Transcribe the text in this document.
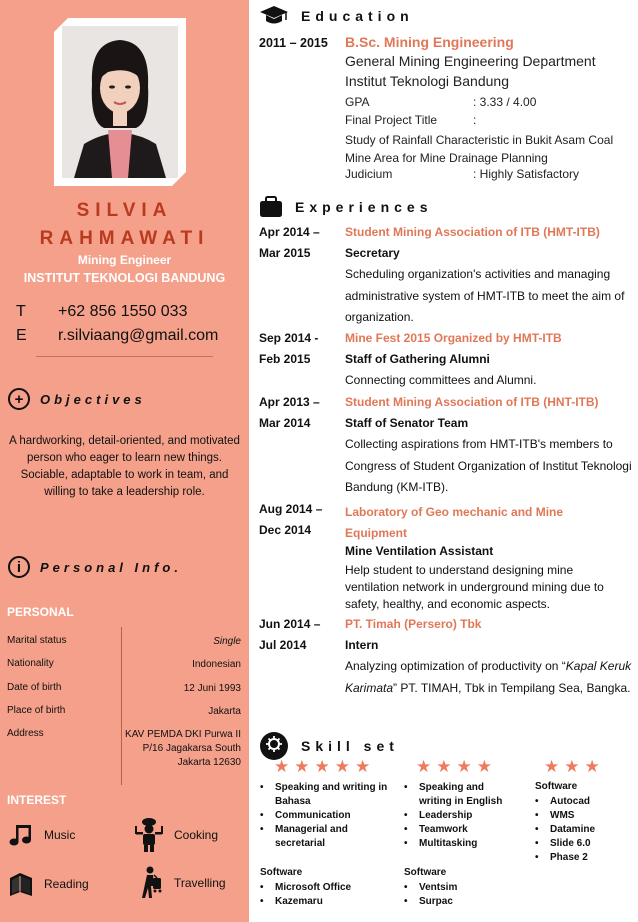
SILVIA
RAHMAWATI
Mining Engineer
INSTITUT TEKNOLOGI BANDUNG
T +62 856 1550 033
E r.silviaang@gmail.com
+	Objectives
A hardworking, detail-oriented, and motivated person who eager to learn new things. Sociable, adaptable to work in team, and willing to take a leadership role.
i	Personal Info.
PERSONAL
Marital status	Single
Nationality	Indonesian
Date of birth	12 Juni 1993
Place of birth	Jakarta
Address	KAV PEMDA DKI Purwa II P/16 Jagakarsa South Jakarta 12630
INTEREST
Music	Cooking
Reading	Travelling
Education
2011 – 2015 B.Sc. Mining Engineering
General Mining Engineering Department
Institut Teknologi Bandung
GPA	: 3.33 / 4.00
Final Project Title	:
Study of Rainfall Characteristic in Bukit Asam Coal Mine Area for Mine Drainage Planning
Judicium	: Highly Satisfactory
Experiences
Apr 2014 –
Mar 2015
Student Mining Association of ITB (HMT-ITB)
Secretary
Scheduling organization's activities and managing administrative system of HMT-ITB to meet the aim of organization.
Sep 2014 -
Feb 2015
Mine Fest 2015 Organized by HMT-ITB
Staff of Gathering Alumni
Connecting committees and Alumni.
Apr 2013 –
Mar 2014
Student Mining Association of ITB (HNT-ITB)
Staff of Senator Team
Collecting aspirations from HMT-ITB's members to Congress of Student Organization of Institut Teknologi Bandung (KM-ITB).
Aug 2014 –
Dec 2014
Laboratory of Geo mechanic and Mine Equipment
Mine Ventilation Assistant
Help student to understand designing mine ventilation network in underground mining due to safety, healthy, and economic aspects.
Jun 2014 –
Jul 2014
PT. Timah (Persero) Tbk
Intern
Analyzing optimization of productivity on “Kapal Keruk Karimata” PT. TIMAH, Tbk in Tempilang Sea, Bangka.
Skill set
★★★★★ ★★★★	★★★
• Speaking and writing in Bahasa
• Communication
• Managerial and secretarial
Software
• Microsoft Office
• Kazemaru
• Speaking and writing in English
• Leadership
• Teamwork
• Multitasking
Software
• Ventsim
• Surpac
Software
• Autocad
• WMS
• Datamine
• Slide 6.0
• Phase 2
